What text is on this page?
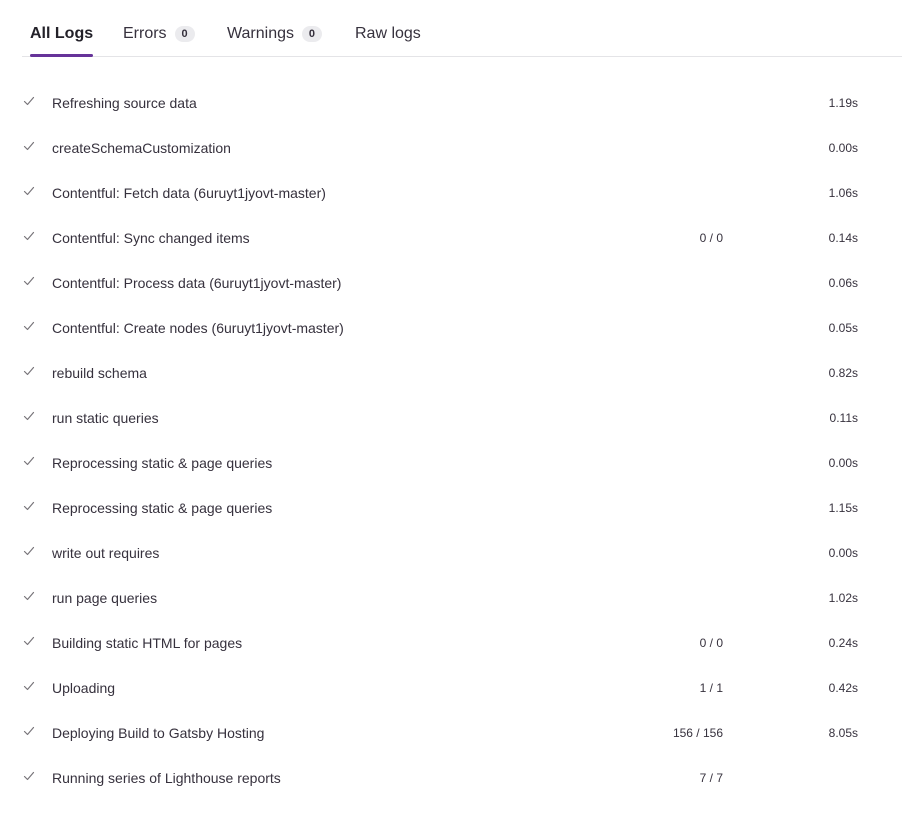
All Logs Errors	0	Warnings	0	Raw logs
Refreshing source data	1.19s
createSchemaCustomization	0.00s
Contentful: Fetch data (6uruyt1jyovt-master)	1.06s
Contentful: Sync changed items	0 / 0	0.14s
Contentful: Process data (6uruyt1jyovt-master)	0.06s
Contentful: Create nodes (6uruyt1jyovt-master)	0.05s
rebuild schema	0.82s
run static queries	0.11s
Reprocessing static & page queries	0.00s
Reprocessing static & page queries	1.15s
write out requires	0.00s
run page queries	1.02s
Building static HTML for pages	0 / 0	0.24s
Uploading	1 / 1	0.42s
Deploying Build to Gatsby Hosting	156 / 156	8.05s
Running series of Lighthouse reports	7 / 7
